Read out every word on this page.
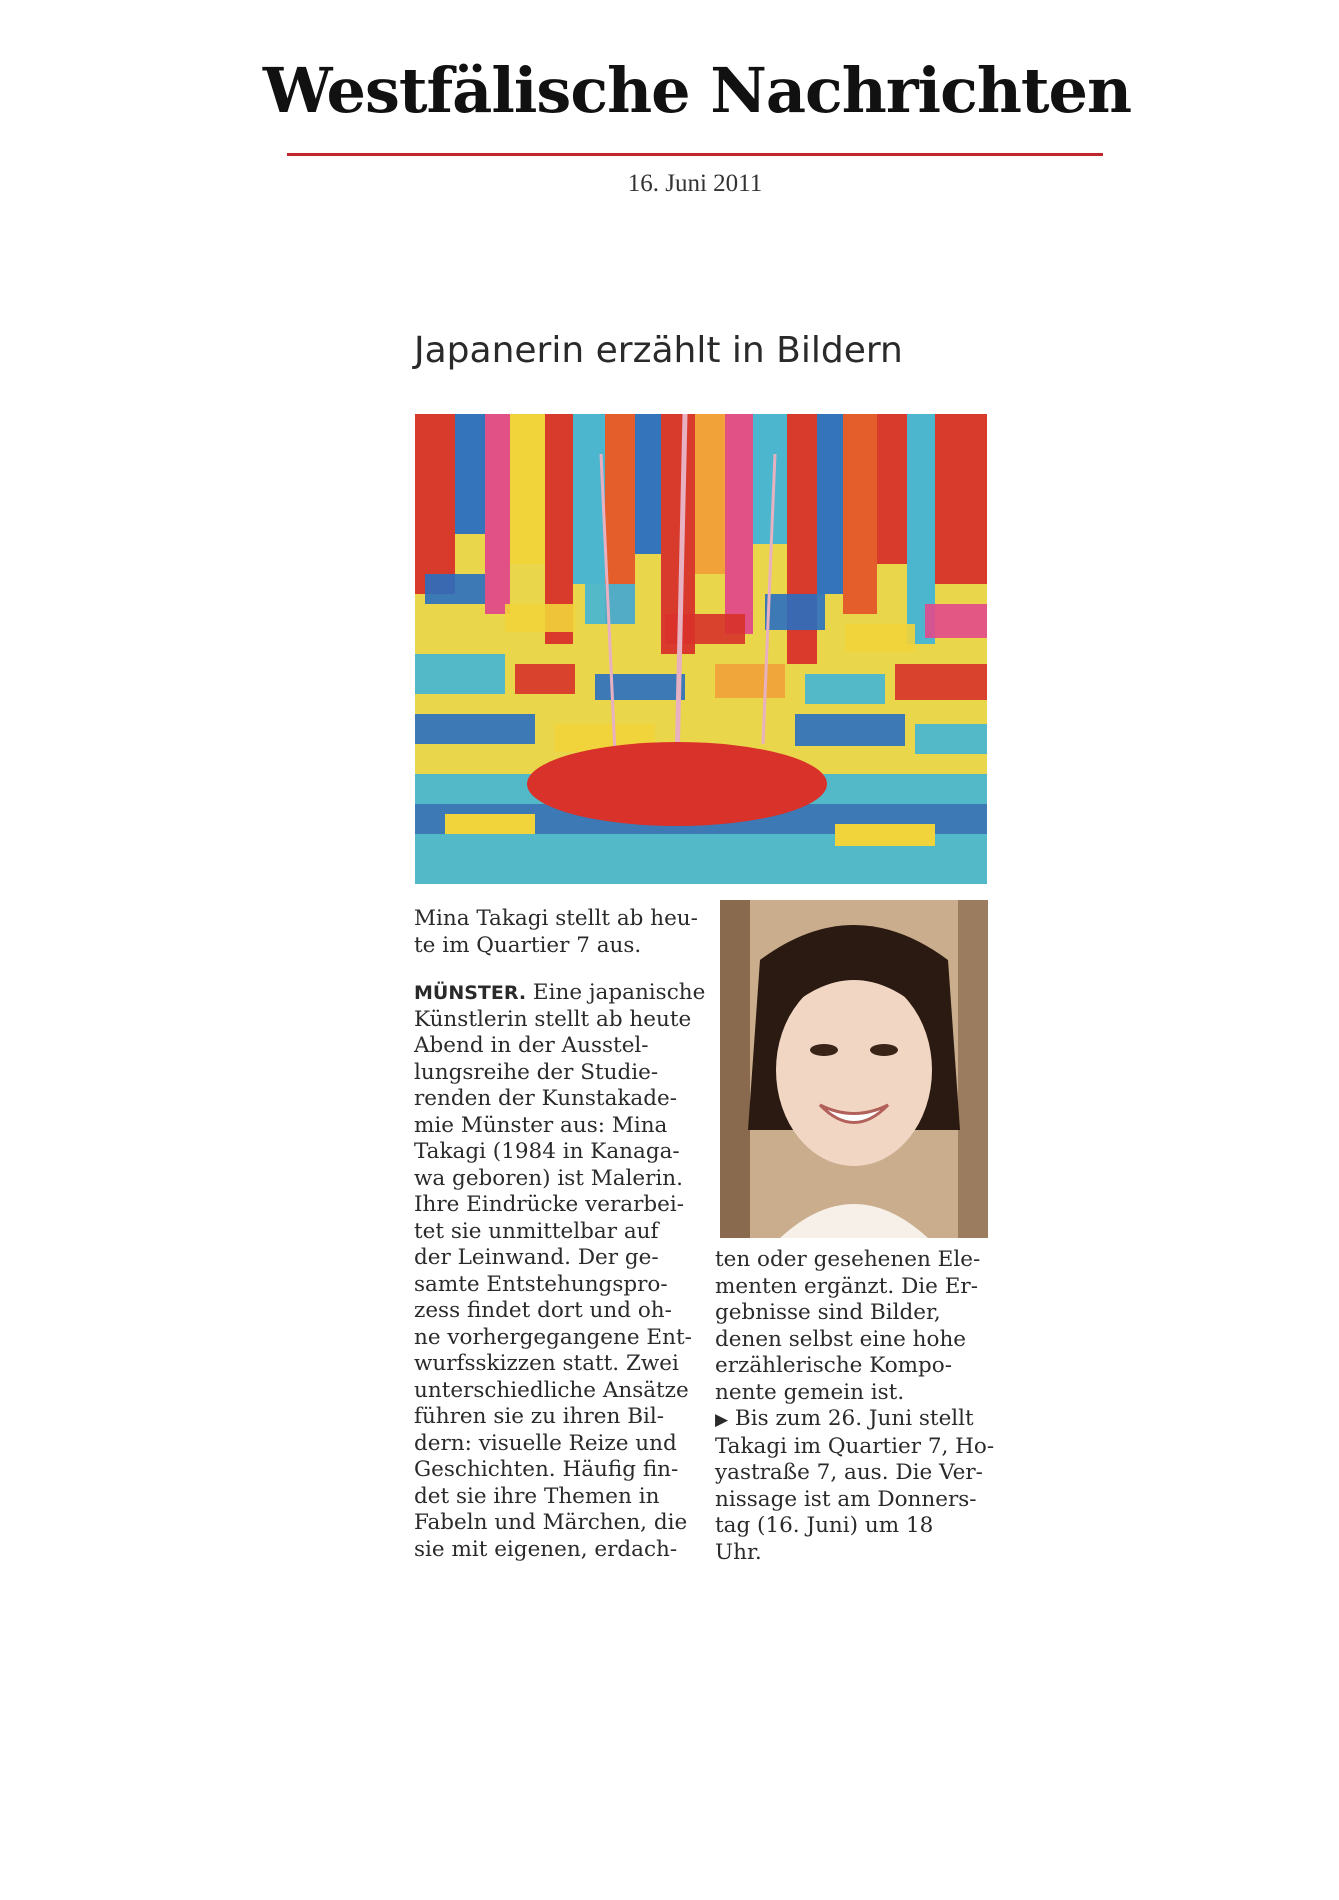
Westfälische Nachrichten
16. Juni 2011
Japanerin erzählt in Bildern

Mina Takagi stellt ab heu-

te im Quartier 7 aus.

MÜNSTER. Eine japanische

Künstlerin stellt ab heute

Abend in der Ausstel-

lungsreihe der Studie-

renden der Kunstakade-

mie Münster aus: Mina

Takagi (1984 in Kanaga-

wa geboren) ist Malerin.

Ihre Eindrücke verarbei-

tet sie unmittelbar auf

der Leinwand. Der ge-

samte Entstehungspro-

zess findet dort und oh-

ne vorhergegangene Ent-

wurfsskizzen statt. Zwei

unterschiedliche Ansätze

führen sie zu ihren Bil-

dern: visuelle Reize und

Geschichten. Häufig fin-

det sie ihre Themen in

Fabeln und Märchen, die

sie mit eigenen, erdach-

ten oder gesehenen Ele-

menten ergänzt. Die Er-

gebnisse sind Bilder,

denen selbst eine hohe

erzählerische Kompo-

nente gemein ist.

▶ Bis zum 26. Juni stellt

Takagi im Quartier 7, Ho-

yastraße 7, aus. Die Ver-

nissage ist am Donners-

tag (16. Juni) um 18

Uhr.
